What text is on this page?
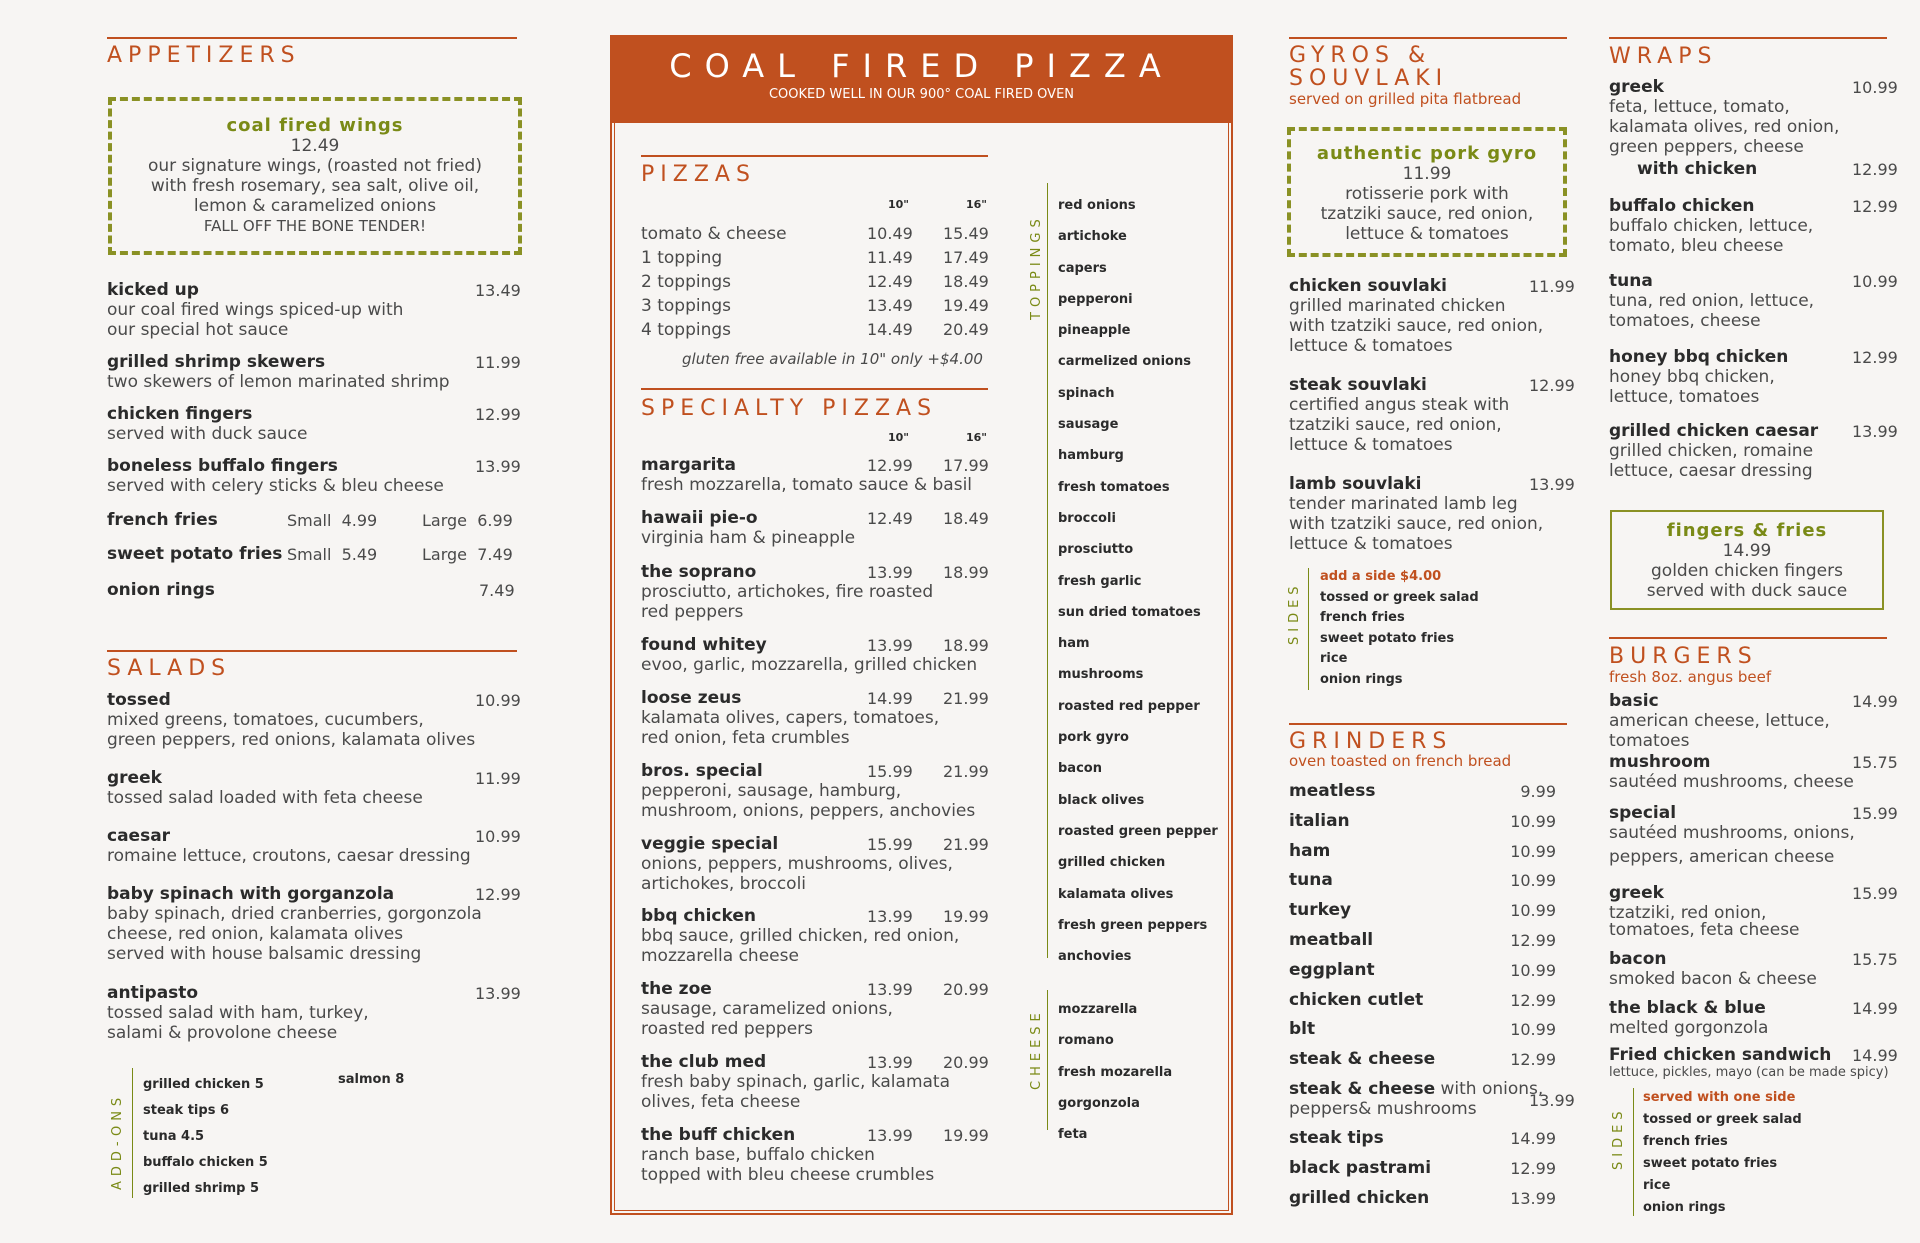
APPETIZERS
coal fired wings
12.49
our signature wings, (roasted not fried)
with fresh rosemary, sea salt, olive oil,
lemon & caramelized onions
FALL OFF THE BONE TENDER!
kicked up	13.49
our coal fired wings spiced-up with
our special hot sauce
grilled shrimp skewers	11.99
two skewers of lemon marinated shrimp
chicken fingers	12.99
served with duck sauce
boneless buffalo fingers	13.99
served with celery sticks & bleu cheese
french fries	Small  4.99	Large  6.99
sweet potato fries Small  5.49	Large  7.49
onion rings	7.49
SALADS
tossed	10.99
mixed greens, tomatoes, cucumbers,
green peppers, red onions, kalamata olives
greek	11.99
tossed salad loaded with feta cheese
caesar	10.99
romaine lettuce, croutons, caesar dressing
baby spinach with gorganzola	12.99
baby spinach, dried cranberries, gorgonzola
cheese, red onion, kalamata olives
served with house balsamic dressing
antipasto	13.99
tossed salad with ham, turkey,
salami & provolone cheese
ADD-ONS
grilled chicken 5
steak tips 6
tuna 4.5
buffalo chicken 5
grilled shrimp 5
salmon 8
COAL FIRED PIZZA
COOKED WELL IN OUR 900° COAL FIRED OVEN
PIZZAS
10"	16"
tomato & cheese	10.49 15.49
1 topping	11.49 17.49
2 toppings	12.49 18.49
3 toppings	13.49 19.49
4 toppings	14.49 20.49
gluten free available in 10" only +$4.00
SPECIALTY PIZZAS
10"	16"
margarita	12.99 17.99
fresh mozzarella, tomato sauce & basil
hawaii pie-o	12.49 18.49
virginia ham & pineapple
the soprano	13.99 18.99
prosciutto, artichokes, fire roasted
red peppers
found whitey	13.99 18.99
evoo, garlic, mozzarella, grilled chicken
loose zeus	14.99 21.99
kalamata olives, capers, tomatoes,
red onion, feta crumbles
bros. special	15.99 21.99
pepperoni, sausage, hamburg,
mushroom, onions, peppers, anchovies
veggie special	15.99 21.99
onions, peppers, mushrooms, olives,
artichokes, broccoli
bbq chicken	13.99 19.99
bbq sauce, grilled chicken, red onion,
mozzarella cheese
the zoe	13.99 20.99
sausage, caramelized onions,
roasted red peppers
the club med	13.99 20.99
fresh baby spinach, garlic, kalamata
olives, feta cheese
the buff chicken	13.99 19.99
ranch base, buffalo chicken
topped with bleu cheese crumbles
TOPPINGS
red onions
artichoke
capers
pepperoni
pineapple
carmelized onions
spinach
sausage
hamburg
fresh tomatoes
broccoli
prosciutto
fresh garlic
sun dried tomatoes
ham
mushrooms
roasted red pepper
pork gyro
bacon
black olives
roasted green pepper
grilled chicken
kalamata olives
fresh green peppers
anchovies
CHEESE mozzarella
romano
fresh mozarella
gorgonzola
feta
GYROS &
SOUVLAKI
served on grilled pita flatbread
authentic pork gyro
11.99
rotisserie pork with
tzatziki sauce, red onion,
lettuce & tomatoes
chicken souvlaki	11.99
grilled marinated chicken
with tzatziki sauce, red onion,
lettuce & tomatoes
steak souvlaki	12.99
certified angus steak with
tzatziki sauce, red onion,
lettuce & tomatoes
lamb souvlaki	13.99
tender marinated lamb leg
with tzatziki sauce, red onion,
lettuce & tomatoes
SIDES
add a side $4.00
tossed or greek salad
french fries
sweet potato fries
rice
onion rings
GRINDERS
oven toasted on french bread
meatless	9.99
italian	10.99
ham	10.99
tuna	10.99
turkey	10.99
meatball	12.99
eggplant	10.99
chicken cutlet	12.99
blt	10.99
steak & cheese	12.99
steak & cheese with onions,
13.99
peppers& mushrooms
steak tips	14.99
black pastrami	12.99
grilled chicken	13.99
WRAPS
greek	10.99
feta, lettuce, tomato,
kalamata olives, red onion,
green peppers, cheese
with chicken	12.99
buffalo chicken	12.99
buffalo chicken, lettuce,
tomato, bleu cheese
tuna	10.99
tuna, red onion, lettuce,
tomatoes, cheese
honey bbq chicken	12.99
honey bbq chicken,
lettuce, tomatoes
grilled chicken caesar 13.99
grilled chicken, romaine
lettuce, caesar dressing
fingers & fries
14.99
golden chicken fingers
served with duck sauce
BURGERS
fresh 8oz. angus beef
basic	14.99
american cheese, lettuce,
tomatoes
mushroom	15.75
sautéed mushrooms, cheese
special	15.99
sautéed mushrooms, onions,
peppers, american cheese
greek	15.99
tzatziki, red onion,
tomatoes, feta cheese
bacon	15.75
smoked bacon & cheese
the black & blue	14.99
melted gorgonzola
Fried chicken sandwich 14.99
lettuce, pickles, mayo (can be made spicy)
SIDES
served with one side
tossed or greek salad
french fries
sweet potato fries
rice
onion rings
